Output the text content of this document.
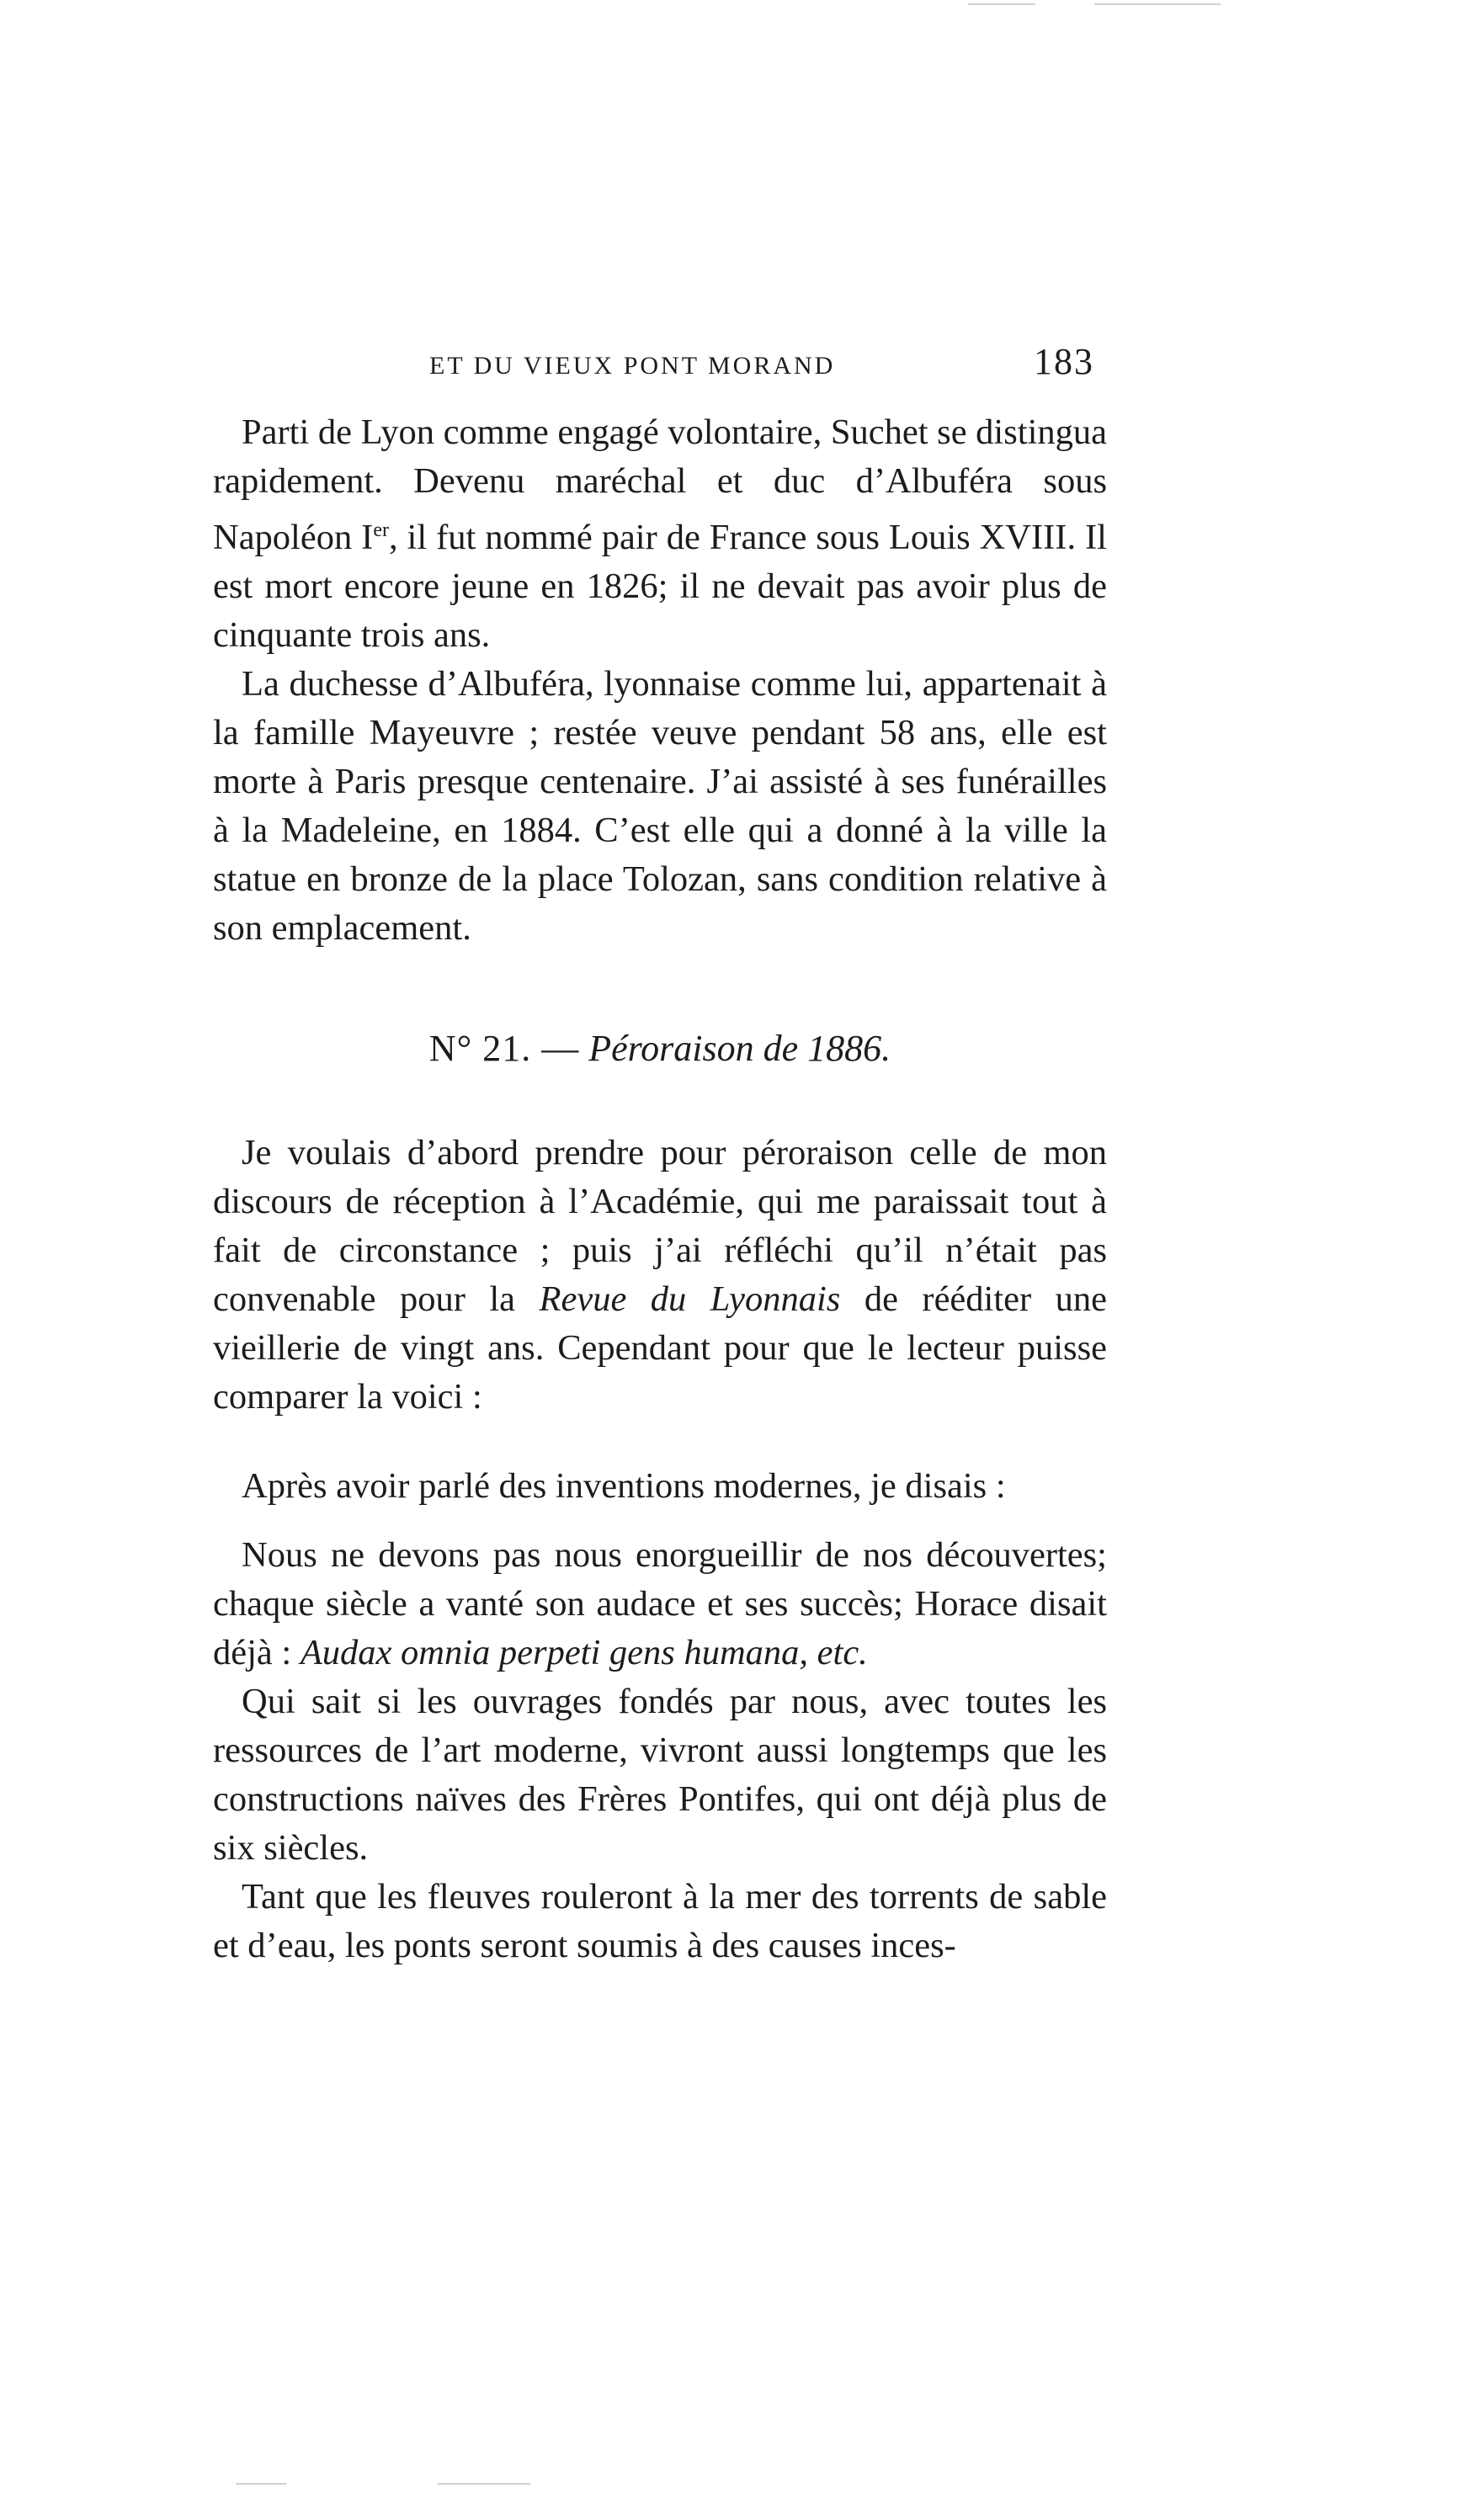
ET DU VIEUX PONT MORAND	183

Parti de Lyon comme engagé volontaire, Suchet se distingua rapidement. Devenu maréchal et duc d’Albuféra sous Napoléon Ier, il fut nommé pair de France sous Louis XVIII. Il est mort encore jeune en 1826; il ne devait pas avoir plus de cinquante trois ans.

La duchesse d’Albuféra, lyonnaise comme lui, appartenait à la famille Mayeuvre ; restée veuve pendant 58 ans, elle est morte à Paris presque centenaire. J’ai assisté à ses funérailles à la Madeleine, en 1884. C’est elle qui a donné à la ville la statue en bronze de la place Tolozan, sans condition relative à son emplacement.

N° 21. — Péroraison de 1886.

Je voulais d’abord prendre pour péroraison celle de mon discours de réception à l’Académie, qui me paraissait tout à fait de circonstance ; puis j’ai réfléchi qu’il n’était pas convenable pour la Revue du Lyonnais de rééditer une vieillerie de vingt ans. Cependant pour que le lecteur puisse comparer la voici :

Après avoir parlé des inventions modernes, je disais :

Nous ne devons pas nous enorgueillir de nos découvertes; chaque siècle a vanté son audace et ses succès; Horace disait déjà : Audax omnia perpeti gens humana, etc.

Qui sait si les ouvrages fondés par nous, avec toutes les ressources de l’art moderne, vivront aussi longtemps que les constructions naïves des Frères Pontifes, qui ont déjà plus de six siècles.

Tant que les fleuves rouleront à la mer des torrents de sable et d’eau, les ponts seront soumis à des causes inces-
